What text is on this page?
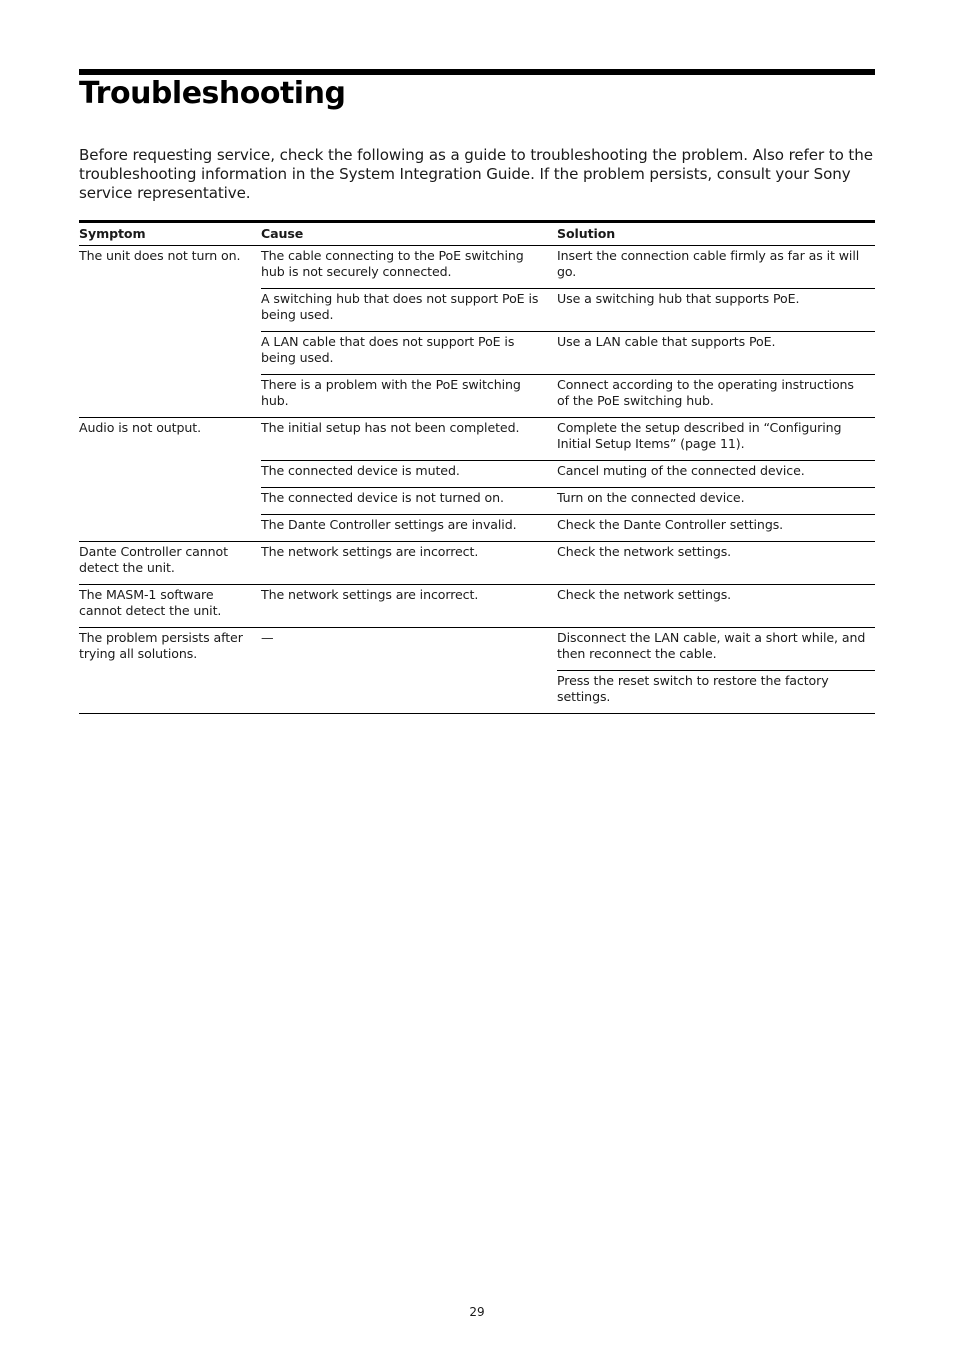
Troubleshooting

Before requesting service, check the following as a guide to troubleshooting the problem. Also refer to the troubleshooting information in the System Integration Guide. If the problem persists, consult your Sony service representative.

Symptom	Cause	Solution
The unit does not turn on.	The cable connecting to the PoE switching hub is not securely connected.	Insert the connection cable firmly as far as it will go.
	A switching hub that does not support PoE is being used.	Use a switching hub that supports PoE.
	A LAN cable that does not support PoE is being used.	Use a LAN cable that supports PoE.
	There is a problem with the PoE switching hub.	Connect according to the operating instructions of the PoE switching hub.
Audio is not output.	The initial setup has not been completed.	Complete the setup described in “Configuring Initial Setup Items” (page 11).
	The connected device is muted.	Cancel muting of the connected device.
	The connected device is not turned on.	Turn on the connected device.
	The Dante Controller settings are invalid.	Check the Dante Controller settings.
Dante Controller cannot detect the unit.	The network settings are incorrect.	Check the network settings.
The MASM-1 software cannot detect the unit.	The network settings are incorrect.	Check the network settings.
The problem persists after trying all solutions.	—	Disconnect the LAN cable, wait a short while, and then reconnect the cable.
		Press the reset switch to restore the factory settings.
29
